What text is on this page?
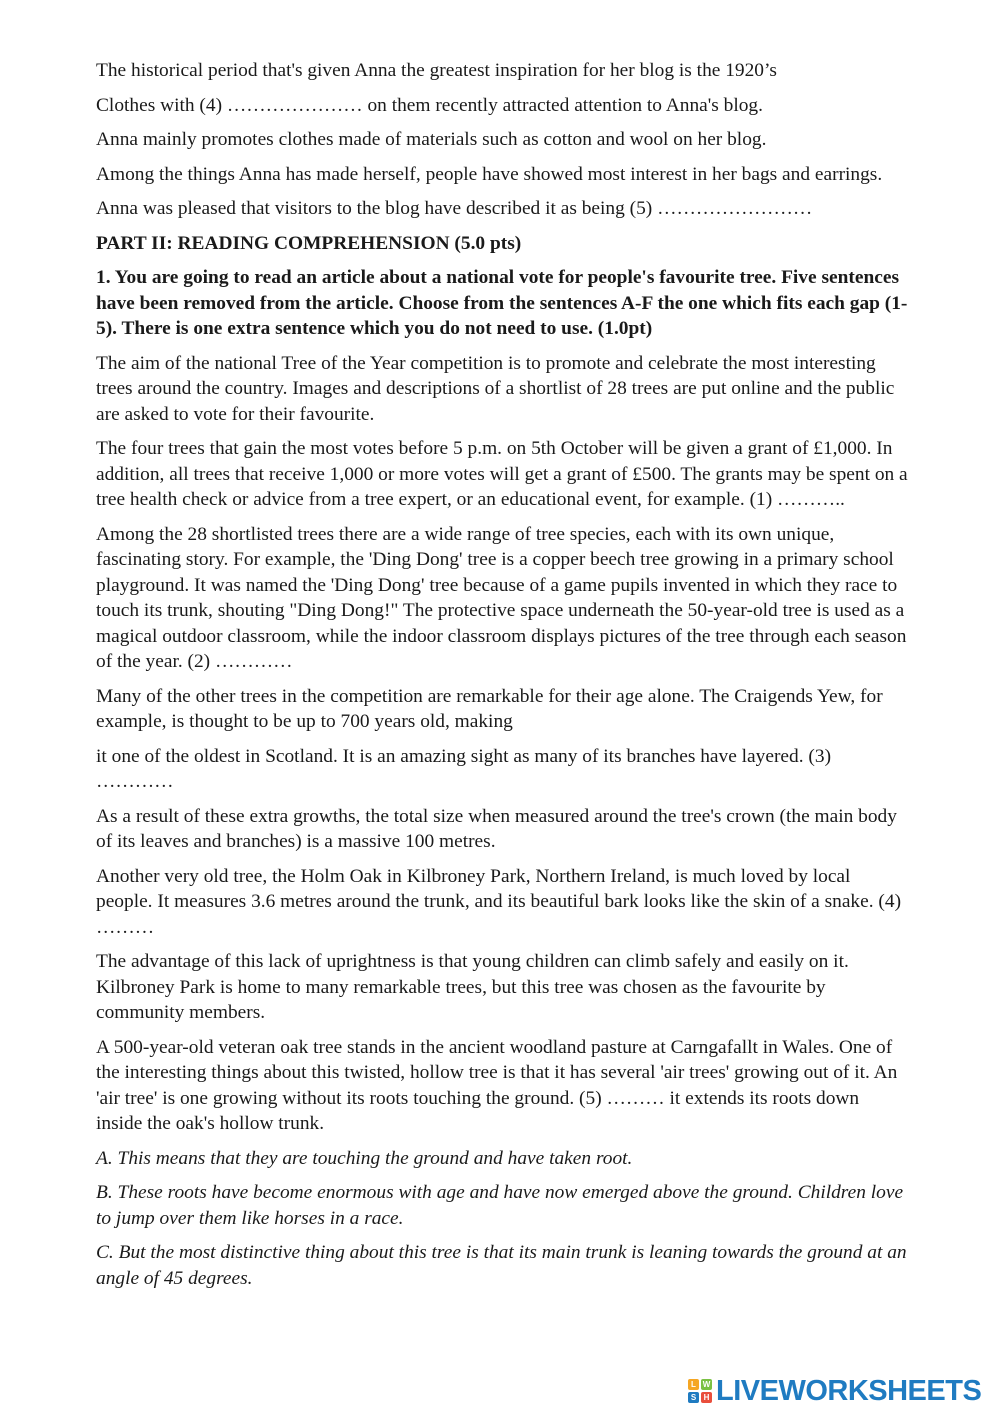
The historical period that's given Anna the greatest inspiration for her blog is the 1920’s

Clothes with (4) ………………… on them recently attracted attention to Anna's blog.

Anna mainly promotes clothes made of materials such as cotton and wool on her blog.

Among the things Anna has made herself, people have showed most interest in her bags and earrings.

Anna was pleased that visitors to the blog have described it as being (5) ……………………

PART II: READING COMPREHENSION (5.0 pts)

1. You are going to read an article about a national vote for people's favourite tree. Five sentences have been removed from the article. Choose from the sentences A-F the one which fits each gap (1-5). There is one extra sentence which you do not need to use. (1.0pt)

The aim of the national Tree of the Year competition is to promote and celebrate the most interesting trees around the country. Images and descriptions of a shortlist of 28 trees are put online and the public are asked to vote for their favourite.

The four trees that gain the most votes before 5 p.m. on 5th October will be given a grant of £1,000. In addition, all trees that receive 1,000 or more votes will get a grant of £500. The grants may be spent on a tree health check or advice from a tree expert, or an educational event, for example. (1) ………..

Among the 28 shortlisted trees there are a wide range of tree species, each with its own unique, fascinating story. For example, the 'Ding Dong' tree is a copper beech tree growing in a primary school playground. It was named the 'Ding Dong' tree because of a game pupils invented in which they race to touch its trunk, shouting "Ding Dong!" The protective space underneath the 50-year-old tree is used as a magical outdoor classroom, while the indoor classroom displays pictures of the tree through each season of the year. (2) …………

Many of the other trees in the competition are remarkable for their age alone. The Craigends Yew, for example, is thought to be up to 700 years old, making

it one of the oldest in Scotland. It is an amazing sight as many of its branches have layered. (3) …………

As a result of these extra growths, the total size when measured around the tree's crown (the main body of its leaves and branches) is a massive 100 metres.

Another very old tree, the Holm Oak in Kilbroney Park, Northern Ireland, is much loved by local people. It measures 3.6 metres around the trunk, and its beautiful bark looks like the skin of a snake. (4) ………

The advantage of this lack of uprightness is that young children can climb safely and easily on it. Kilbroney Park is home to many remarkable trees, but this tree was chosen as the favourite by community members.

A 500-year-old veteran oak tree stands in the ancient woodland pasture at Carngafallt in Wales. One of the interesting things about this twisted, hollow tree is that it has several 'air trees' growing out of it. An 'air tree' is one growing without its roots touching the ground. (5) ……… it extends its roots down inside the oak's hollow trunk.

A. This means that they are touching the ground and have taken root.

B. These roots have become enormous with age and have now emerged above the ground. Children love to jump over them like horses in a race.

C. But the most distinctive thing about this tree is that its main trunk is leaning towards the ground at an angle of 45 degrees.

L W
S H LIVEWORKSHEETS
